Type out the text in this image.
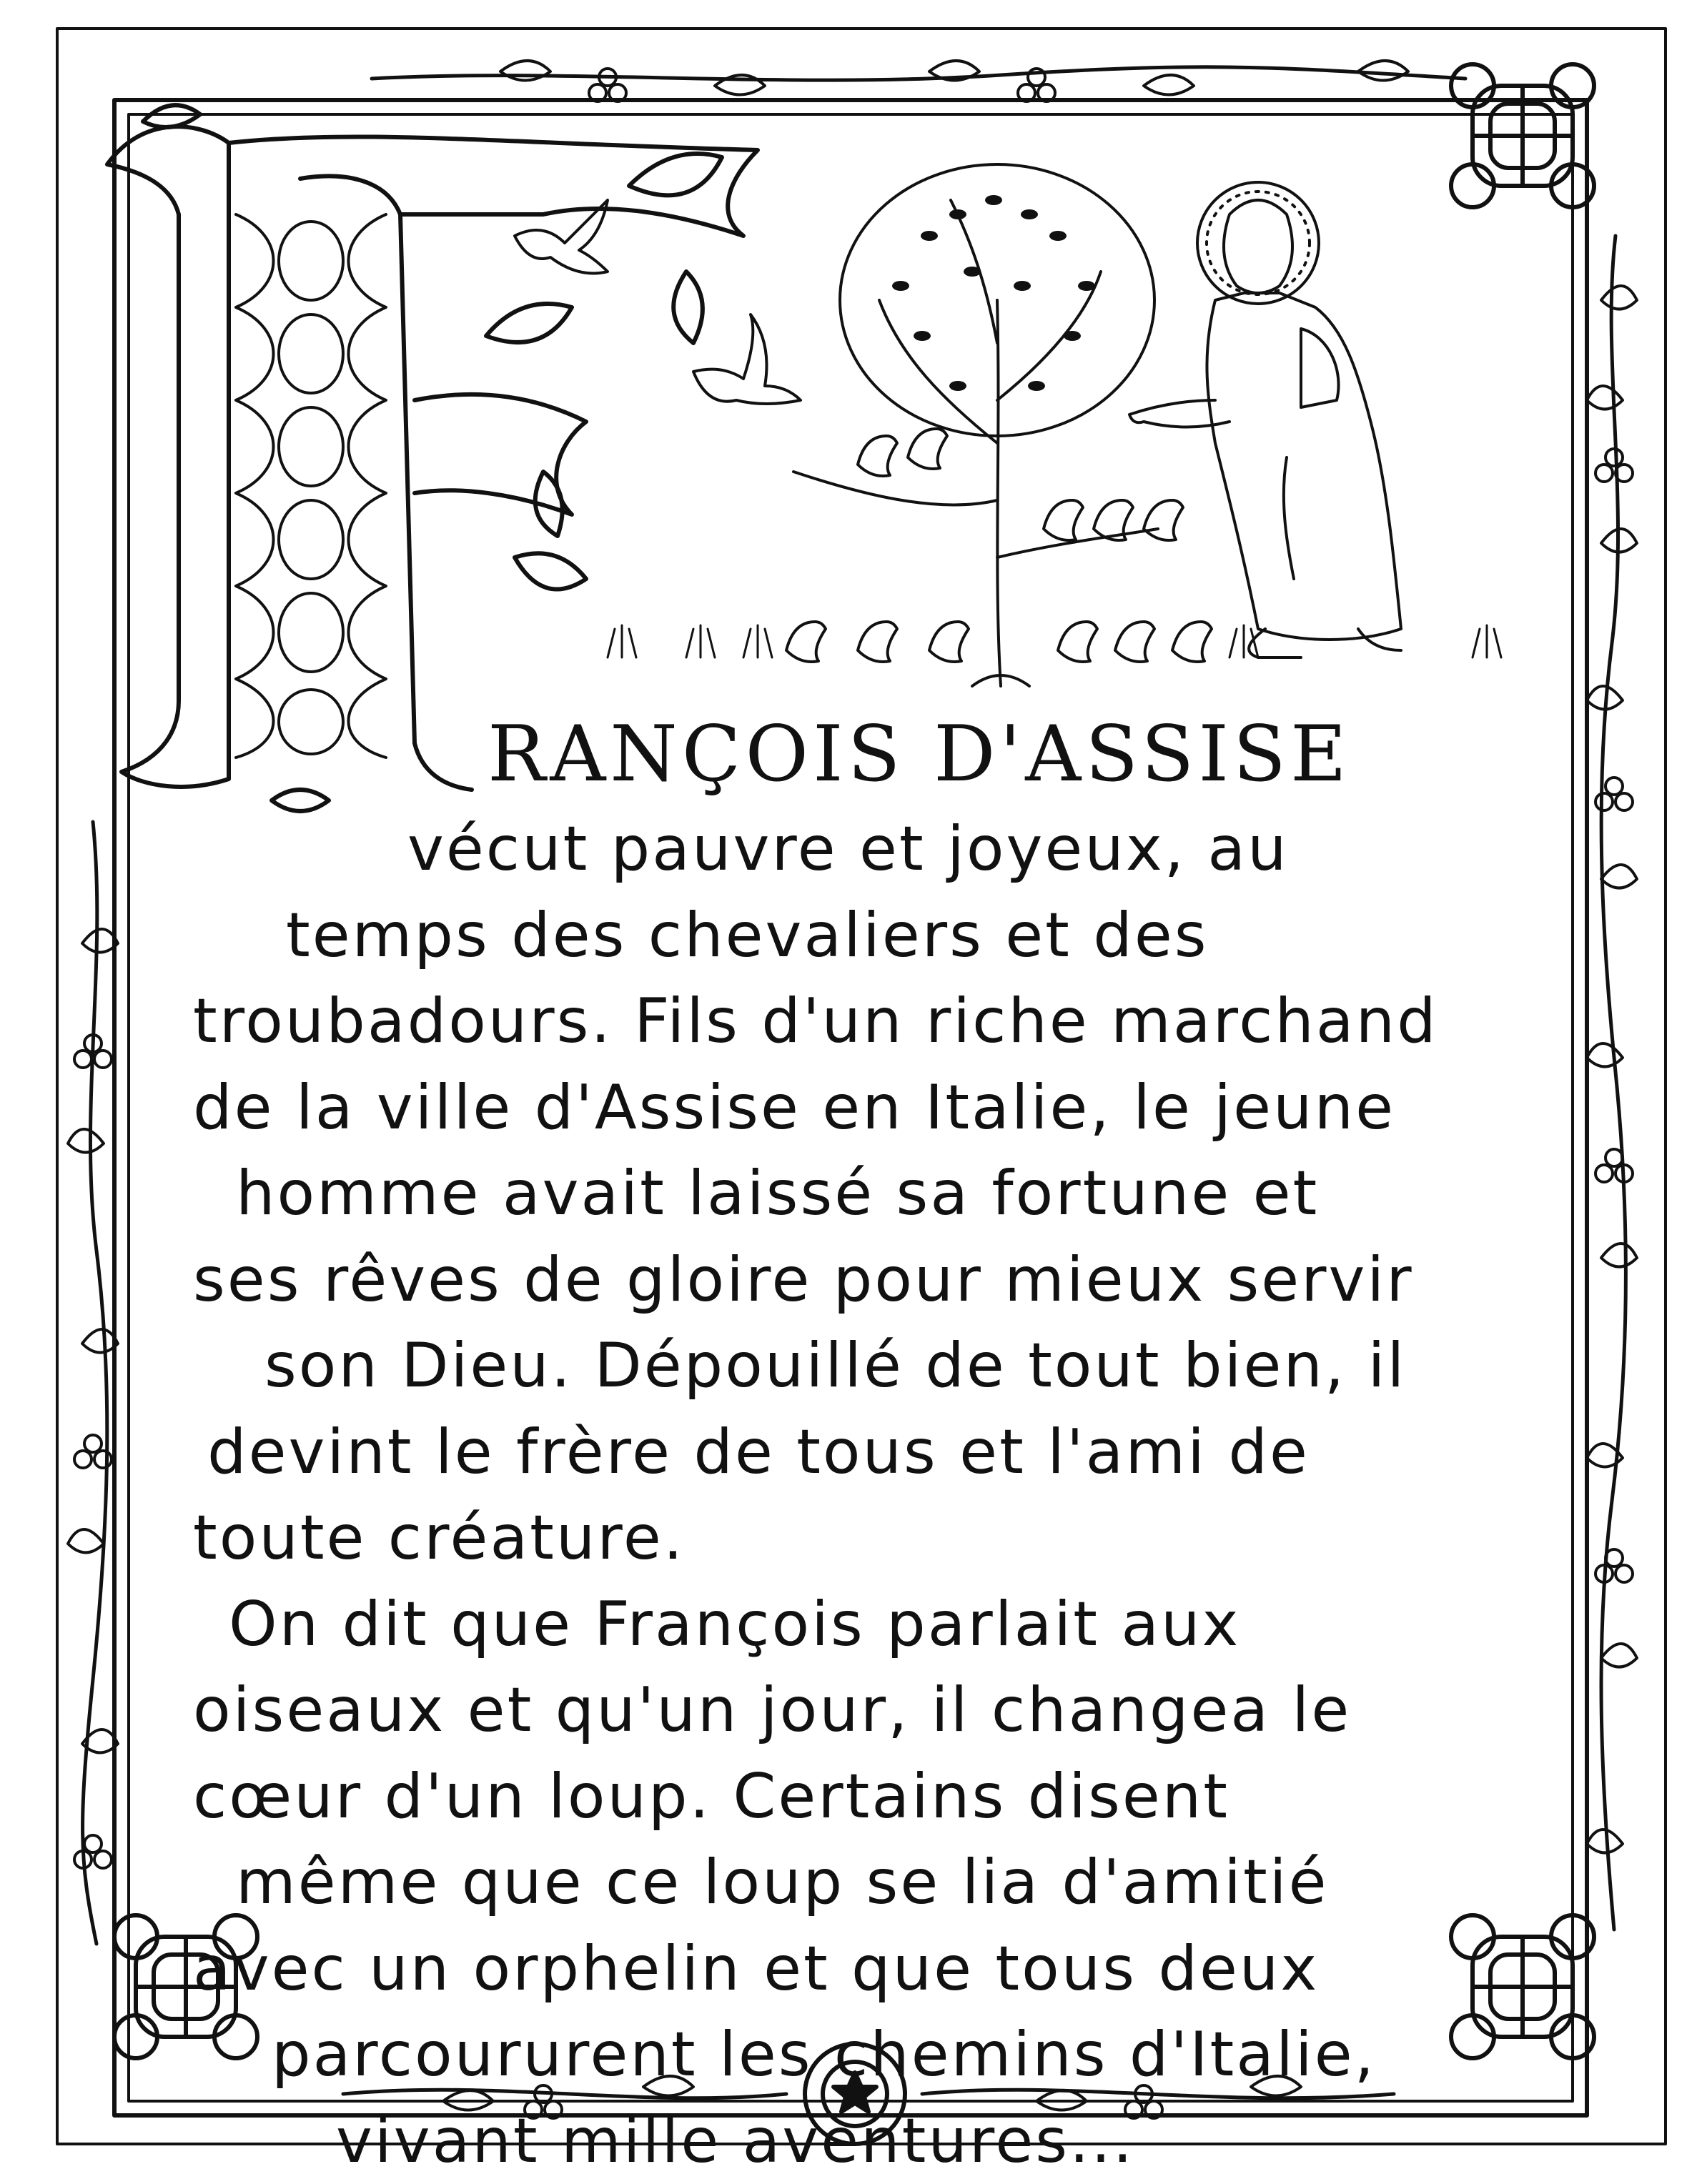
RANÇOIS D'ASSISE
vécut pauvre et joyeux, au
temps des chevaliers et des
troubadours. Fils d'un riche marchand
de la ville d'Assise en Italie, le jeune
homme avait laissé sa fortune et
ses rêves de gloire pour mieux servir
son Dieu. Dépouillé de tout bien, il
devint le frère de tous et l'ami de
toute créature.
On dit que François parlait aux
oiseaux et qu'un jour, il changea le
cœur d'un loup. Certains disent
même que ce loup se lia d'amitié
avec un orphelin et que tous deux
parcoururent les chemins d'Italie,
vivant mille aventures...
